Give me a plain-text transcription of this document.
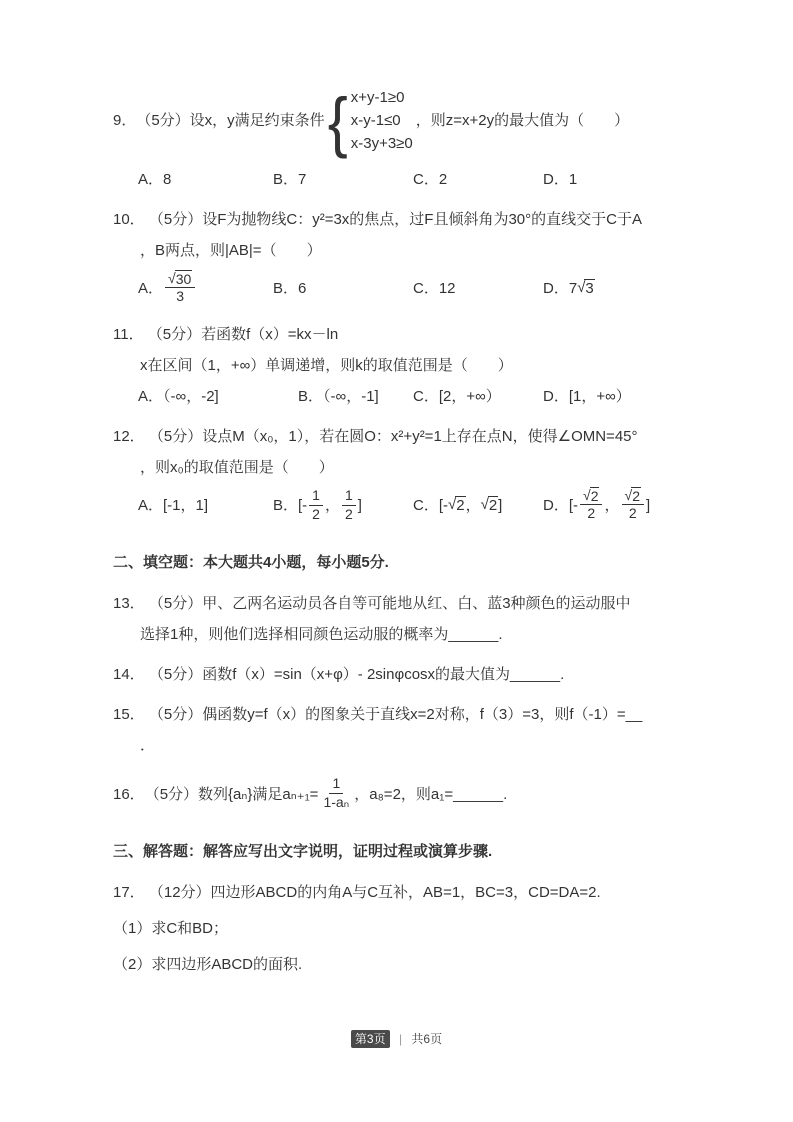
9． （5分）设x，y满足约束条件 { x+y-1≥0
x-y-1≤0
x-3y+3≥0
，则z=x+2y的最大值为（　　）
A．8	B．7	C．2	D．1
10． （5分）设F为抛物线C：y²=3x的焦点，过F且倾斜角为30°的直线交于C于A
，B两点，则|AB|=（　　）
A． $\frac{√ 30}{3}$	B．6	C．12	D．7 √ 3
11． （5分）若函数f（x）=kx－ln
x在区间（1，+∞）单调递增，则k的取值范围是（　　）
A．（-∞，-2]	B．（-∞，-1]	C．[2，+∞）	D．[1，+∞）
12． （5分）设点M（x₀，1），若在圆O：x²+y²=1上存在点N，使得∠OMN=45°
，则x₀的取值范围是（　　）
A．[-1，1]	B．[- $\frac{1}{2}$ ， $\frac{1}{2}$ ]	C．[- √ 2 ， √ 2 ]	D．[- $\frac{√ 2}{2}$ ， $\frac{√ 2}{2}$ ]
二、填空题：本大题共4小题，每小题5分.
13． （5分）甲、乙两名运动员各自等可能地从红、白、蓝3种颜色的运动服中
选择1种，则他们选择相同颜色运动服的概率为______.
14． （5分）函数f（x）=sin（x+φ）- 2sinφcosx的最大值为______.
15． （5分）偶函数y=f（x）的图象关于直线x=2对称，f（3）=3，则f（-1）=__
．
16． （5分）数列{aₙ}满足$a_{n+1}= \frac{1}{\text{1-aₙ}}$ ，a₈=2，则a₁=______.
三、解答题：解答应写出文字说明，证明过程或演算步骤.
17． （12分）四边形ABCD的内角A与C互补，AB=1，BC=3，CD=DA=2.
（1）求C和BD；
（2）求四边形ABCD的面积.
第3页 | 共6页
